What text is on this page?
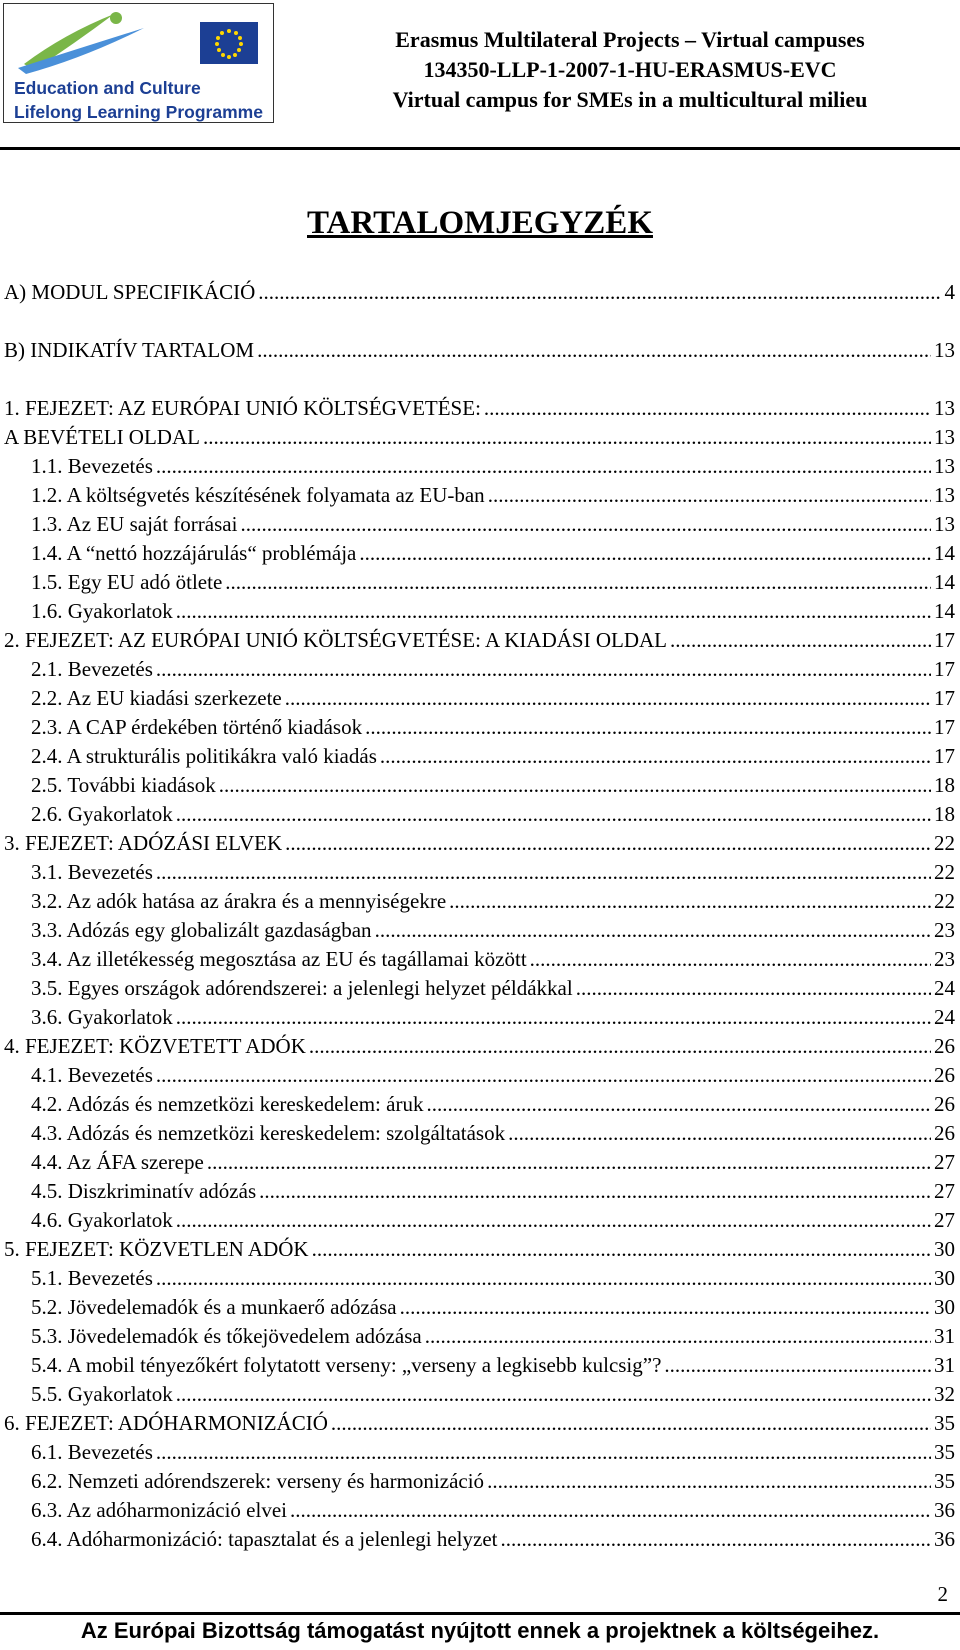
Education and Culture
Lifelong Learning Programme
Erasmus Multilateral Projects – Virtual campuses
134350-LLP-1-2007-1-HU-ERASMUS-EVC
Virtual campus for SMEs in a multicultural milieu
TARTALOMJEGYZÉK
A) MODUL SPECIFIKÁCIÓ .....	4
B) INDIKATÍV TARTALOM .....	13
1. FEJEZET: AZ EURÓPAI UNIÓ KÖLTSÉGVETÉSE: .....	13
A BEVÉTELI OLDAL .....	13
1.1. Bevezetés .....	13
1.2. A költségvetés készítésének folyamata az EU-ban .....	13
1.3. Az EU saját forrásai .....	13
1.4. A “nettó hozzájárulás“ problémája .....	14
1.5. Egy EU adó ötlete .....	14
1.6. Gyakorlatok .....	14
2. FEJEZET: AZ EURÓPAI UNIÓ KÖLTSÉGVETÉSE: A KIADÁSI OLDAL .....	17
2.1. Bevezetés .....	17
2.2. Az EU kiadási szerkezete .....	17
2.3. A CAP érdekében történő kiadások .....	17
2.4. A strukturális politikákra való kiadás .....	17
2.5. További kiadások .....	18
2.6. Gyakorlatok .....	18
3. FEJEZET: ADÓZÁSI ELVEK .....	22
3.1. Bevezetés .....	22
3.2. Az adók hatása az árakra és a mennyiségekre .....	22
3.3. Adózás egy globalizált gazdaságban .....	23
3.4. Az illetékesség megosztása az EU és tagállamai között .....	23
3.5. Egyes országok adórendszerei: a jelenlegi helyzet példákkal .....	24
3.6. Gyakorlatok .....	24
4. FEJEZET: KÖZVETETT ADÓK .....	26
4.1. Bevezetés .....	26
4.2. Adózás és nemzetközi kereskedelem: áruk .....	26
4.3. Adózás és nemzetközi kereskedelem: szolgáltatások .....	26
4.4. Az ÁFA szerepe .....	27
4.5. Diszkriminatív adózás .....	27
4.6. Gyakorlatok .....	27
5. FEJEZET: KÖZVETLEN ADÓK .....	30
5.1. Bevezetés .....	30
5.2. Jövedelemadók és a munkaerő adózása .....	30
5.3. Jövedelemadók és tőkejövedelem adózása .....	31
5.4. A mobil tényezőkért folytatott verseny: „verseny a legkisebb kulcsig”? .....	31
5.5. Gyakorlatok .....	32
6. FEJEZET: ADÓHARMONIZÁCIÓ .....	35
6.1. Bevezetés .....	35
6.2. Nemzeti adórendszerek: verseny és harmonizáció .....	35
6.3. Az adóharmonizáció elvei .....	36
6.4. Adóharmonizáció: tapasztalat és a jelenlegi helyzet .....	36
2
Az Európai Bizottság támogatást nyújtott ennek a projektnek a költségeihez.
